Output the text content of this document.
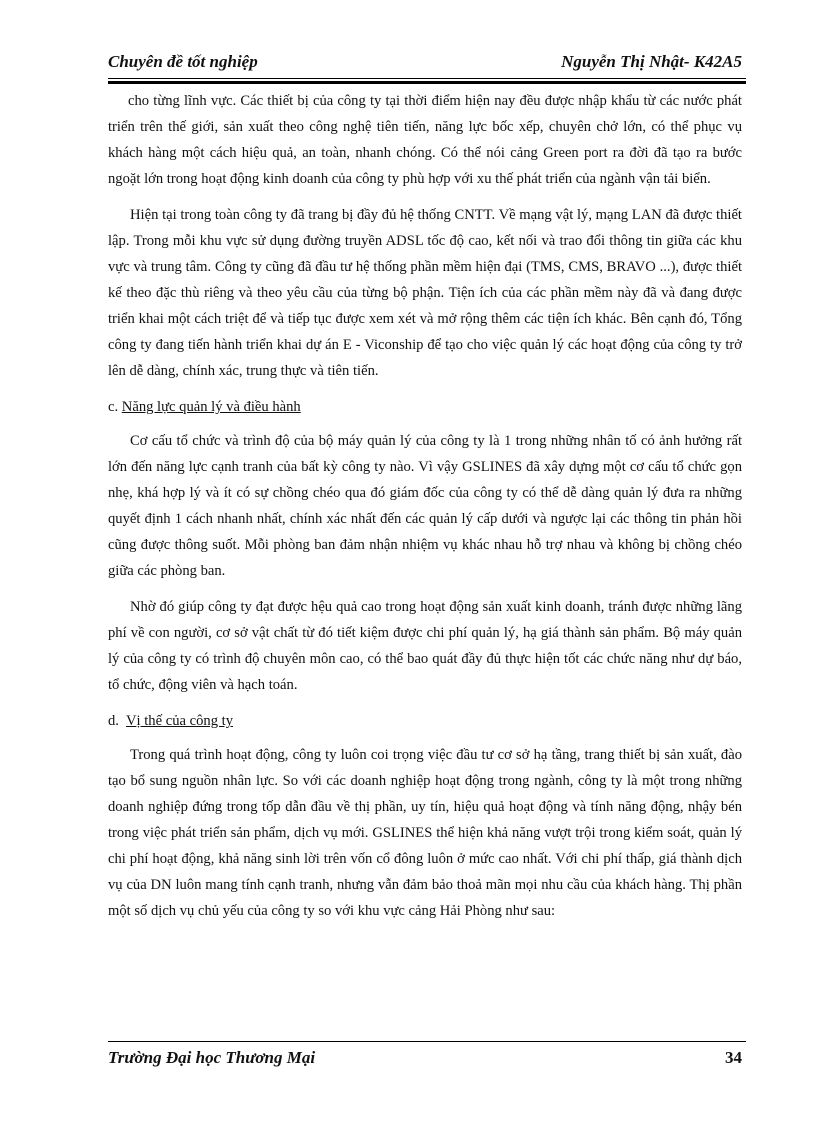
Chuyên đề tốt nghiệp	Nguyễn Thị Nhật- K42A5

cho từng lĩnh vực. Các thiết bị của công ty tại thời điểm hiện nay đều được nhập khẩu từ các nước phát triển trên thế giới, sản xuất theo công nghệ tiên tiến, năng lực bốc xếp, chuyên chở lớn, có thể phục vụ khách hàng một cách hiệu quả, an toàn, nhanh chóng. Có thể nói cảng Green port ra đời đã tạo ra bước ngoặt lớn trong hoạt động kinh doanh của công ty phù hợp với xu thế phát triển của ngành vận tải biển.

Hiện tại trong toàn công ty đã trang bị đầy đủ hệ thống CNTT. Về mạng vật lý, mạng LAN đã được thiết lập. Trong mỗi khu vực sử dụng đường truyền ADSL tốc độ cao, kết nối và trao đổi thông tin giữa các khu vực và trung tâm. Công ty cũng đã đầu tư hệ thống phần mềm hiện đại (TMS, CMS, BRAVO ...), được thiết kế theo đặc thù riêng và theo yêu cầu của từng bộ phận. Tiện ích của các phần mềm này đã và đang được triển khai một cách triệt để và tiếp tục được xem xét và mở rộng thêm các tiện ích khác. Bên cạnh đó, Tổng công ty đang tiến hành triển khai dự án E - Viconship để tạo cho việc quản lý các hoạt động của công ty trở lên dễ dàng, chính xác, trung thực và tiên tiến.

c. Năng lực quản lý và điều hành

Cơ cấu tổ chức và trình độ của bộ máy quản lý của công ty là 1 trong những nhân tố có ảnh hưởng rất lớn đến năng lực cạnh tranh của bất kỳ công ty nào. Vì vậy GSLINES đã xây dựng một cơ cấu tổ chức gọn nhẹ, khá hợp lý và ít có sự chồng chéo qua đó giám đốc của công ty có thể dễ dàng quản lý đưa ra những quyết định 1 cách nhanh nhất, chính xác nhất đến các quản lý cấp dưới và ngược lại các thông tin phản hồi cũng được thông suốt. Mỗi phòng ban đảm nhận nhiệm vụ khác nhau hỗ trợ nhau và không bị chồng chéo giữa các phòng ban.

Nhờ đó giúp công ty đạt được hệu quả cao trong hoạt động sản xuất kinh doanh, tránh được những lãng phí về con người, cơ sở vật chất từ đó tiết kiệm được chi phí quản lý, hạ giá thành sản phẩm. Bộ máy quản lý của công ty có trình độ chuyên môn cao, có thể bao quát đầy đủ thực hiện tốt các chức năng như dự báo, tổ chức, động viên và hạch toán.

d. Vị thế của công ty

Trong quá trình hoạt động, công ty luôn coi trọng việc đầu tư cơ sở hạ tầng, trang thiết bị sản xuất, đào tạo bổ sung nguồn nhân lực. So với các doanh nghiệp hoạt động trong ngành, công ty là một trong những doanh nghiệp đứng trong tốp dẫn đầu về thị phần, uy tín, hiệu quả hoạt động và tính năng động, nhậy bén trong việc phát triển sản phẩm, dịch vụ mới. GSLINES thể hiện khả năng vượt trội trong kiểm soát, quản lý chi phí hoạt động, khả năng sinh lời trên vốn cổ đông luôn ở mức cao nhất. Với chi phí thấp, giá thành dịch vụ của DN luôn mang tính cạnh tranh, nhưng vẫn đảm bảo thoả mãn mọi nhu cầu của khách hàng. Thị phần một số dịch vụ chủ yếu của công ty so với khu vực cảng Hải Phòng như sau:

Trường Đại học Thương Mại	34
